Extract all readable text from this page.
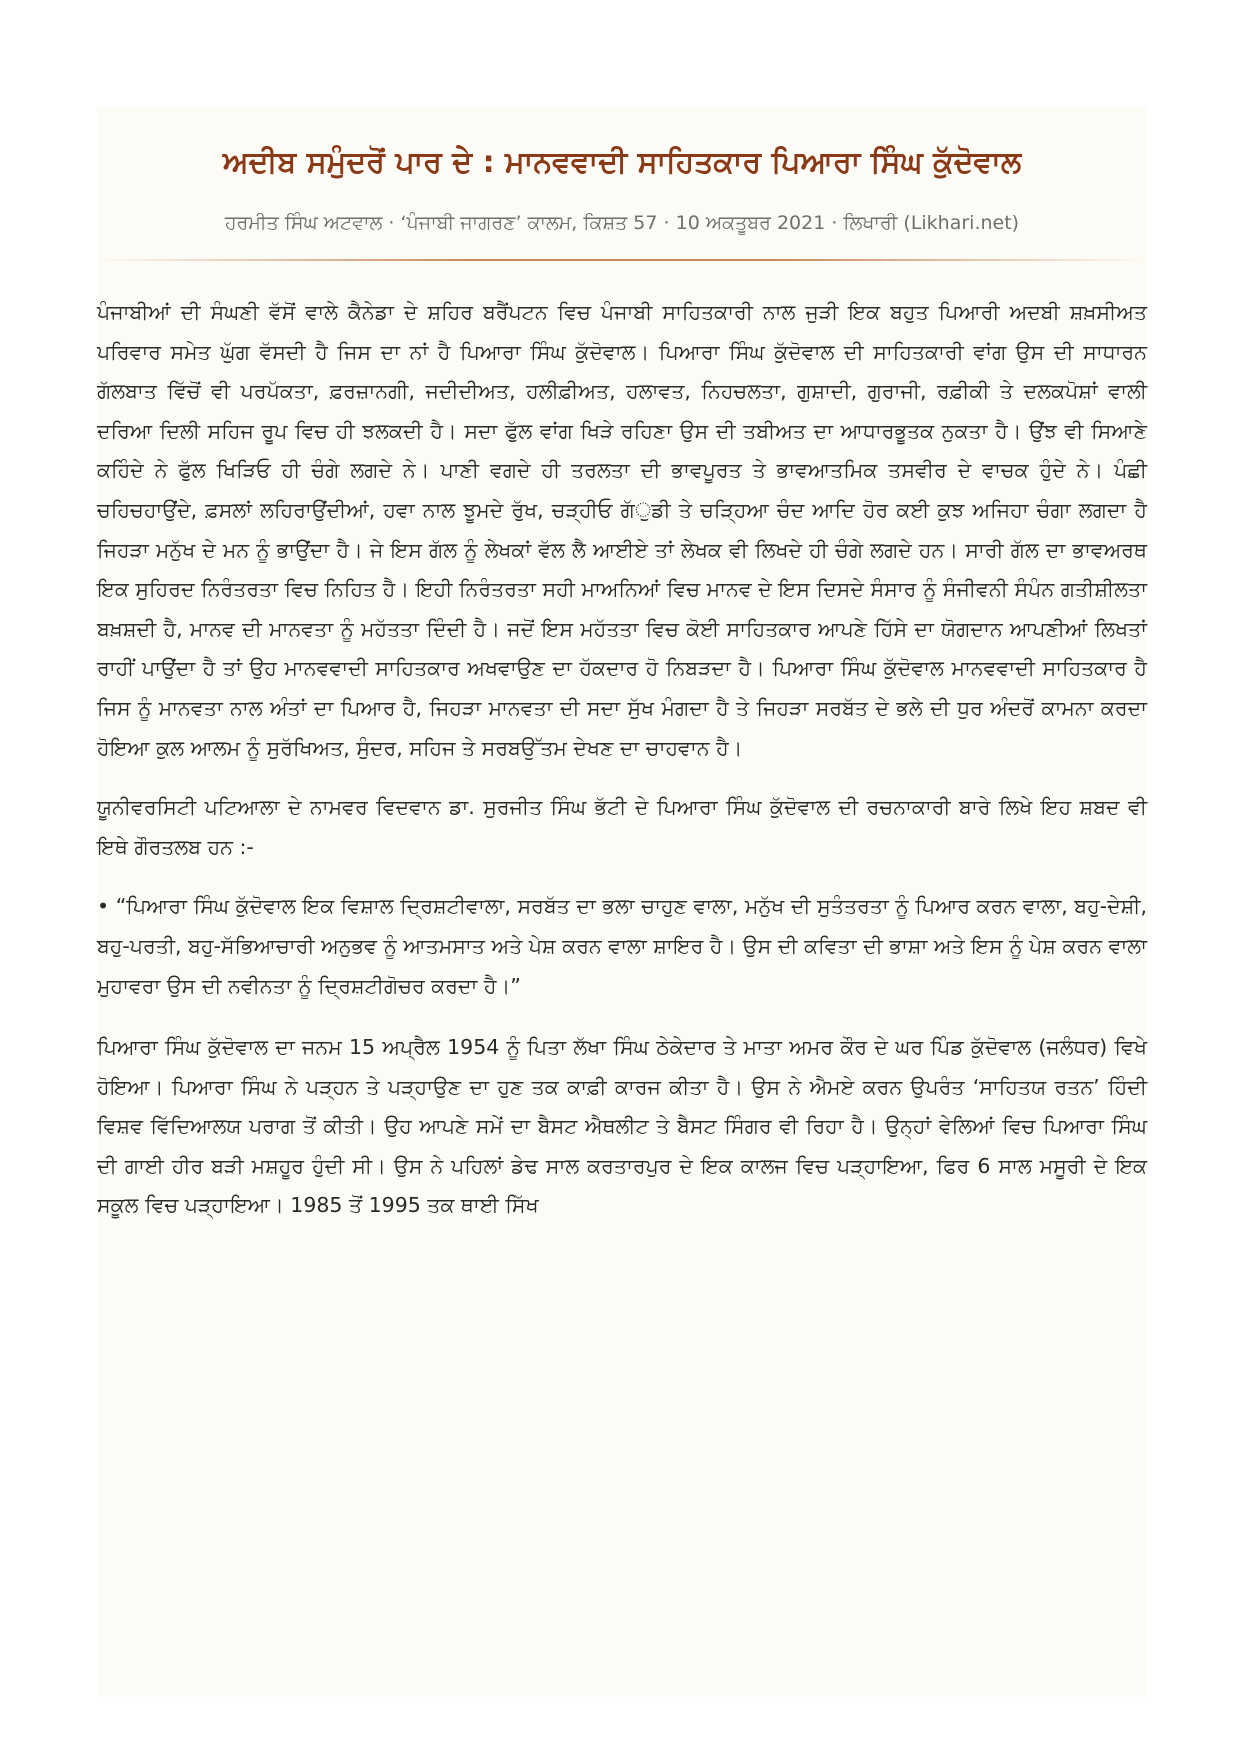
ਅਦੀਬ ਸਮੁੰਦਰੋਂ ਪਾਰ ਦੇ : ਮਾਨਵਵਾਦੀ ਸਾਹਿਤਕਾਰ ਪਿਆਰਾ ਸਿੰਘ ਕੁੱਦੋਵਾਲ
ਹਰਮੀਤ ਸਿੰਘ ਅਟਵਾਲ · ‘ਪੰਜਾਬੀ ਜਾਗਰਣ’ ਕਾਲਮ, ਕਿਸ਼ਤ 57 · 10 ਅਕਤੂਬਰ 2021 · ਲਿਖਾਰੀ (Likhari.net)

ਪੰਜਾਬੀਆਂ ਦੀ ਸੰਘਣੀ ਵੱਸੋਂ ਵਾਲੇ ਕੈਨੇਡਾ ਦੇ ਸ਼ਹਿਰ ਬਰੈਂਪਟਨ ਵਿਚ ਪੰਜਾਬੀ ਸਾਹਿਤਕਾਰੀ ਨਾਲ ਜੁੜੀ ਇਕ ਬਹੁਤ ਪਿਆਰੀ ਅਦਬੀ ਸ਼ਖ਼ਸੀਅਤ ਪਰਿਵਾਰ ਸਮੇਤ ਘੁੱਗ ਵੱਸਦੀ ਹੈ ਜਿਸ ਦਾ ਨਾਂ ਹੈ ਪਿਆਰਾ ਸਿੰਘ ਕੁੱਦੋਵਾਲ। ਪਿਆਰਾ ਸਿੰਘ ਕੁੱਦੋਵਾਲ ਦੀ ਸਾਹਿਤਕਾਰੀ ਵਾਂਗ ਉਸ ਦੀ ਸਾਧਾਰਨ ਗੱਲਬਾਤ ਵਿੱਚੋਂ ਵੀ ਪਰਪੱਕਤਾ, ਫ਼ਰਜ਼ਾਨਗੀ, ਜਦੀਦੀਅਤ, ਹਲੀਫ਼ੀਅਤ, ਹਲਾਵਤ, ਨਿਹਚਲਤਾ, ਗੁਸ਼ਾਦੀ, ਗੁਰਾਜੀ, ਰਫ਼ੀਕੀ ਤੇ ਦਲਕਪੋਸ਼ਾਂ ਵਾਲੀ ਦਰਿਆ ਦਿਲੀ ਸਹਿਜ ਰੂਪ ਵਿਚ ਹੀ ਝਲਕਦੀ ਹੈ। ਸਦਾ ਫੁੱਲ ਵਾਂਗ ਖਿੜੇ ਰਹਿਣਾ ਉਸ ਦੀ ਤਬੀਅਤ ਦਾ ਆਧਾਰਭੂਤਕ ਨੁਕਤਾ ਹੈ। ਉਂਝ ਵੀ ਸਿਆਣੇ ਕਹਿੰਦੇ ਨੇ ਫੁੱਲ ਖਿੜਿਓ ਹੀ ਚੰਗੇ ਲਗਦੇ ਨੇ। ਪਾਣੀ ਵਗਦੇ ਹੀ ਤਰਲਤਾ ਦੀ ਭਾਵਪੂਰਤ ਤੇ ਭਾਵਆਤਮਿਕ ਤਸਵੀਰ ਦੇ ਵਾਚਕ ਹੁੰਦੇ ਨੇ। ਪੰਛੀ ਚਹਿਚਹਾਉਂਦੇ, ਫ਼ਸਲਾਂ ਲਹਿਰਾਉਂਦੀਆਂ, ਹਵਾ ਨਾਲ ਝੂਮਦੇ ਰੁੱਖ, ਚੜ੍ਹੀਓ ਗੱੁਡੀ ਤੇ ਚੜ੍ਹਿਆ ਚੰਦ ਆਦਿ ਹੋਰ ਕਈ ਕੁਝ ਅਜਿਹਾ ਚੰਗਾ ਲਗਦਾ ਹੈ ਜਿਹੜਾ ਮਨੁੱਖ ਦੇ ਮਨ ਨੂੰ ਭਾਉਂਦਾ ਹੈ। ਜੇ ਇਸ ਗੱਲ ਨੂੰ ਲੇਖਕਾਂ ਵੱਲ ਲੈ ਆਈਏ ਤਾਂ ਲੇਖਕ ਵੀ ਲਿਖਦੇ ਹੀ ਚੰਗੇ ਲਗਦੇ ਹਨ। ਸਾਰੀ ਗੱਲ ਦਾ ਭਾਵਅਰਥ ਇਕ ਸੁਹਿਰਦ ਨਿਰੰਤਰਤਾ ਵਿਚ ਨਿਹਿਤ ਹੈ। ਇਹੀ ਨਿਰੰਤਰਤਾ ਸਹੀ ਮਾਅਨਿਆਂ ਵਿਚ ਮਾਨਵ ਦੇ ਇਸ ਦਿਸਦੇ ਸੰਸਾਰ ਨੂੰ ਸੰਜੀਵਨੀ ਸੰਪੰਨ ਗਤੀਸ਼ੀਲਤਾ ਬਖ਼ਸ਼ਦੀ ਹੈ, ਮਾਨਵ ਦੀ ਮਾਨਵਤਾ ਨੂੰ ਮਹੱਤਤਾ ਦਿੰਦੀ ਹੈ। ਜਦੋਂ ਇਸ ਮਹੱਤਤਾ ਵਿਚ ਕੋਈ ਸਾਹਿਤਕਾਰ ਆਪਣੇ ਹਿੱਸੇ ਦਾ ਯੋਗਦਾਨ ਆਪਣੀਆਂ ਲਿਖਤਾਂ ਰਾਹੀਂ ਪਾਉਂਦਾ ਹੈ ਤਾਂ ਉਹ ਮਾਨਵਵਾਦੀ ਸਾਹਿਤਕਾਰ ਅਖਵਾਉਣ ਦਾ ਹੱਕਦਾਰ ਹੋ ਨਿਬੜਦਾ ਹੈ। ਪਿਆਰਾ ਸਿੰਘ ਕੁੱਦੋਵਾਲ ਮਾਨਵਵਾਦੀ ਸਾਹਿਤਕਾਰ ਹੈ ਜਿਸ ਨੂੰ ਮਾਨਵਤਾ ਨਾਲ ਅੰਤਾਂ ਦਾ ਪਿਆਰ ਹੈ, ਜਿਹੜਾ ਮਾਨਵਤਾ ਦੀ ਸਦਾ ਸੁੱਖ ਮੰਗਦਾ ਹੈ ਤੇ ਜਿਹੜਾ ਸਰਬੱਤ ਦੇ ਭਲੇ ਦੀ ਧੁਰ ਅੰਦਰੋਂ ਕਾਮਨਾ ਕਰਦਾ ਹੋਇਆ ਕੁਲ ਆਲਮ ਨੂੰ ਸੁਰੱਖਿਅਤ, ਸੁੰਦਰ, ਸਹਿਜ ਤੇ ਸਰਬਉੱਤਮ ਦੇਖਣ ਦਾ ਚਾਹਵਾਨ ਹੈ।

ਯੂਨੀਵਰਸਿਟੀ ਪਟਿਆਲਾ ਦੇ ਨਾਮਵਰ ਵਿਦਵਾਨ ਡਾ. ਸੁਰਜੀਤ ਸਿੰਘ ਭੱਟੀ ਦੇ ਪਿਆਰਾ ਸਿੰਘ ਕੁੱਦੋਵਾਲ ਦੀ ਰਚਨਾਕਾਰੀ ਬਾਰੇ ਲਿਖੇ ਇਹ ਸ਼ਬਦ ਵੀ ਇਥੇ ਗੌਰਤਲਬ ਹਨ :-

• “ਪਿਆਰਾ ਸਿੰਘ ਕੁੱਦੋਵਾਲ ਇਕ ਵਿਸ਼ਾਲ ਦ੍ਰਿਸ਼ਟੀਵਾਲਾ, ਸਰਬੱਤ ਦਾ ਭਲਾ ਚਾਹੁਣ ਵਾਲਾ, ਮਨੁੱਖ ਦੀ ਸੁਤੰਤਰਤਾ ਨੂੰ ਪਿਆਰ ਕਰਨ ਵਾਲਾ, ਬਹੁ-ਦੇਸ਼ੀ, ਬਹੁ-ਪਰਤੀ, ਬਹੁ-ਸੱਭਿਆਚਾਰੀ ਅਨੁਭਵ ਨੂੰ ਆਤਮਸਾਤ ਅਤੇ ਪੇਸ਼ ਕਰਨ ਵਾਲਾ ਸ਼ਾਇਰ ਹੈ। ਉਸ ਦੀ ਕਵਿਤਾ ਦੀ ਭਾਸ਼ਾ ਅਤੇ ਇਸ ਨੂੰ ਪੇਸ਼ ਕਰਨ ਵਾਲਾ ਮੁਹਾਵਰਾ ਉਸ ਦੀ ਨਵੀਨਤਾ ਨੂੰ ਦ੍ਰਿਸ਼ਟੀਗੋਚਰ ਕਰਦਾ ਹੈ।”

ਪਿਆਰਾ ਸਿੰਘ ਕੁੱਦੋਵਾਲ ਦਾ ਜਨਮ 15 ਅਪ੍ਰੈਲ 1954 ਨੂੰ ਪਿਤਾ ਲੱਖਾ ਸਿੰਘ ਠੇਕੇਦਾਰ ਤੇ ਮਾਤਾ ਅਮਰ ਕੌਰ ਦੇ ਘਰ ਪਿੰਡ ਕੁੱਦੋਵਾਲ (ਜਲੰਧਰ) ਵਿਖੇ ਹੋਇਆ। ਪਿਆਰਾ ਸਿੰਘ ਨੇ ਪੜ੍ਹਨ ਤੇ ਪੜ੍ਹਾਉਣ ਦਾ ਹੁਣ ਤਕ ਕਾਫ਼ੀ ਕਾਰਜ ਕੀਤਾ ਹੈ। ਉਸ ਨੇ ਐਮਏ ਕਰਨ ਉਪਰੰਤ ‘ਸਾਹਿਤਯ ਰਤਨ’ ਹਿੰਦੀ ਵਿਸ਼ਵ ਵਿੱਦਿਆਲਯ ਪਰਾਗ ਤੋਂ ਕੀਤੀ। ਉਹ ਆਪਣੇ ਸਮੇਂ ਦਾ ਬੈਸਟ ਐਥਲੀਟ ਤੇ ਬੈਸਟ ਸਿੰਗਰ ਵੀ ਰਿਹਾ ਹੈ। ਉਨ੍ਹਾਂ ਵੇਲਿਆਂ ਵਿਚ ਪਿਆਰਾ ਸਿੰਘ ਦੀ ਗਾਈ ਹੀਰ ਬੜੀ ਮਸ਼ਹੂਰ ਹੁੰਦੀ ਸੀ। ਉਸ ਨੇ ਪਹਿਲਾਂ ਡੇਢ ਸਾਲ ਕਰਤਾਰਪੁਰ ਦੇ ਇਕ ਕਾਲਜ ਵਿਚ ਪੜ੍ਹਾਇਆ, ਫਿਰ 6 ਸਾਲ ਮਸੂਰੀ ਦੇ ਇਕ ਸਕੂਲ ਵਿਚ ਪੜ੍ਹਾਇਆ। 1985 ਤੋਂ 1995 ਤਕ ਥਾਈ ਸਿੱਖ
